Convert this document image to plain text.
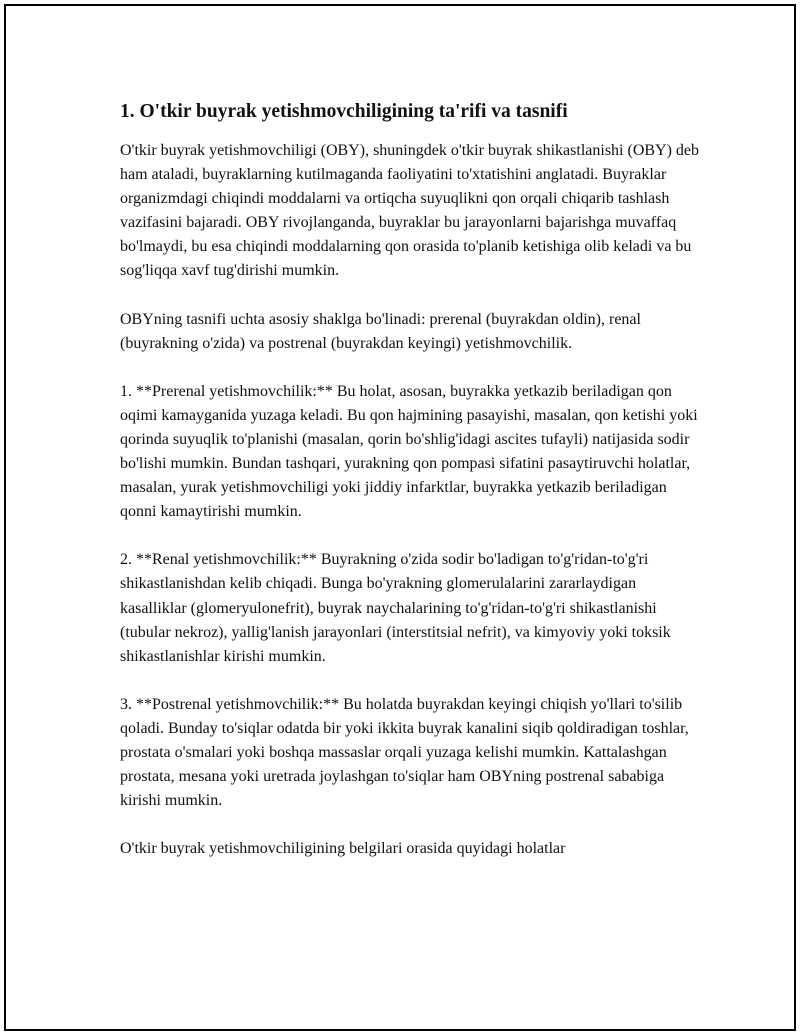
1. O'tkir buyrak yetishmovchiligining ta'rifi va tasnifi

O'tkir buyrak yetishmovchiligi (OBY), shuningdek o'tkir buyrak shikastlanishi (OBY) deb ham ataladi, buyraklarning kutilmaganda faoliyatini to'xtatishini anglatadi. Buyraklar organizmdagi chiqindi moddalarni va ortiqcha suyuqlikni qon orqali chiqarib tashlash vazifasini bajaradi. OBY rivojlanganda, buyraklar bu jarayonlarni bajarishga muvaffaq bo'lmaydi, bu esa chiqindi moddalarning qon orasida to'planib ketishiga olib keladi va bu sog'liqqa xavf tug'dirishi mumkin.

OBYning tasnifi uchta asosiy shaklga bo'linadi: prerenal (buyrakdan oldin), renal (buyrakning o'zida) va postrenal (buyrakdan keyingi) yetishmovchilik.

1. **Prerenal yetishmovchilik:** Bu holat, asosan, buyrakka yetkazib beriladigan qon oqimi kamayganida yuzaga keladi. Bu qon hajmining pasayishi, masalan, qon ketishi yoki qorinda suyuqlik to'planishi (masalan, qorin bo'shlig'idagi ascites tufayli) natijasida sodir bo'lishi mumkin. Bundan tashqari, yurakning qon pompasi sifatini pasaytiruvchi holatlar, masalan, yurak yetishmovchiligi yoki jiddiy infarktlar, buyrakka yetkazib beriladigan qonni kamaytirishi mumkin.

2. **Renal yetishmovchilik:** Buyrakning o'zida sodir bo'ladigan to'g'ridan-to'g'ri shikastlanishdan kelib chiqadi. Bunga bo'yrakning glomerulalarini zararlaydigan kasalliklar (glomeryulonefrit), buyrak naychalarining to'g'ridan-to'g'ri shikastlanishi (tubular nekroz), yallig'lanish jarayonlari (interstitsial nefrit), va kimyoviy yoki toksik shikastlanishlar kirishi mumkin.

3. **Postrenal yetishmovchilik:** Bu holatda buyrakdan keyingi chiqish yo'llari to'silib qoladi. Bunday to'siqlar odatda bir yoki ikkita buyrak kanalini siqib qoldiradigan toshlar, prostata o'smalari yoki boshqa massaslar orqali yuzaga kelishi mumkin. Kattalashgan prostata, mesana yoki uretrada joylashgan to'siqlar ham OBYning postrenal sababiga kirishi mumkin.

O'tkir buyrak yetishmovchiligining belgilari orasida quyidagi holatlar
